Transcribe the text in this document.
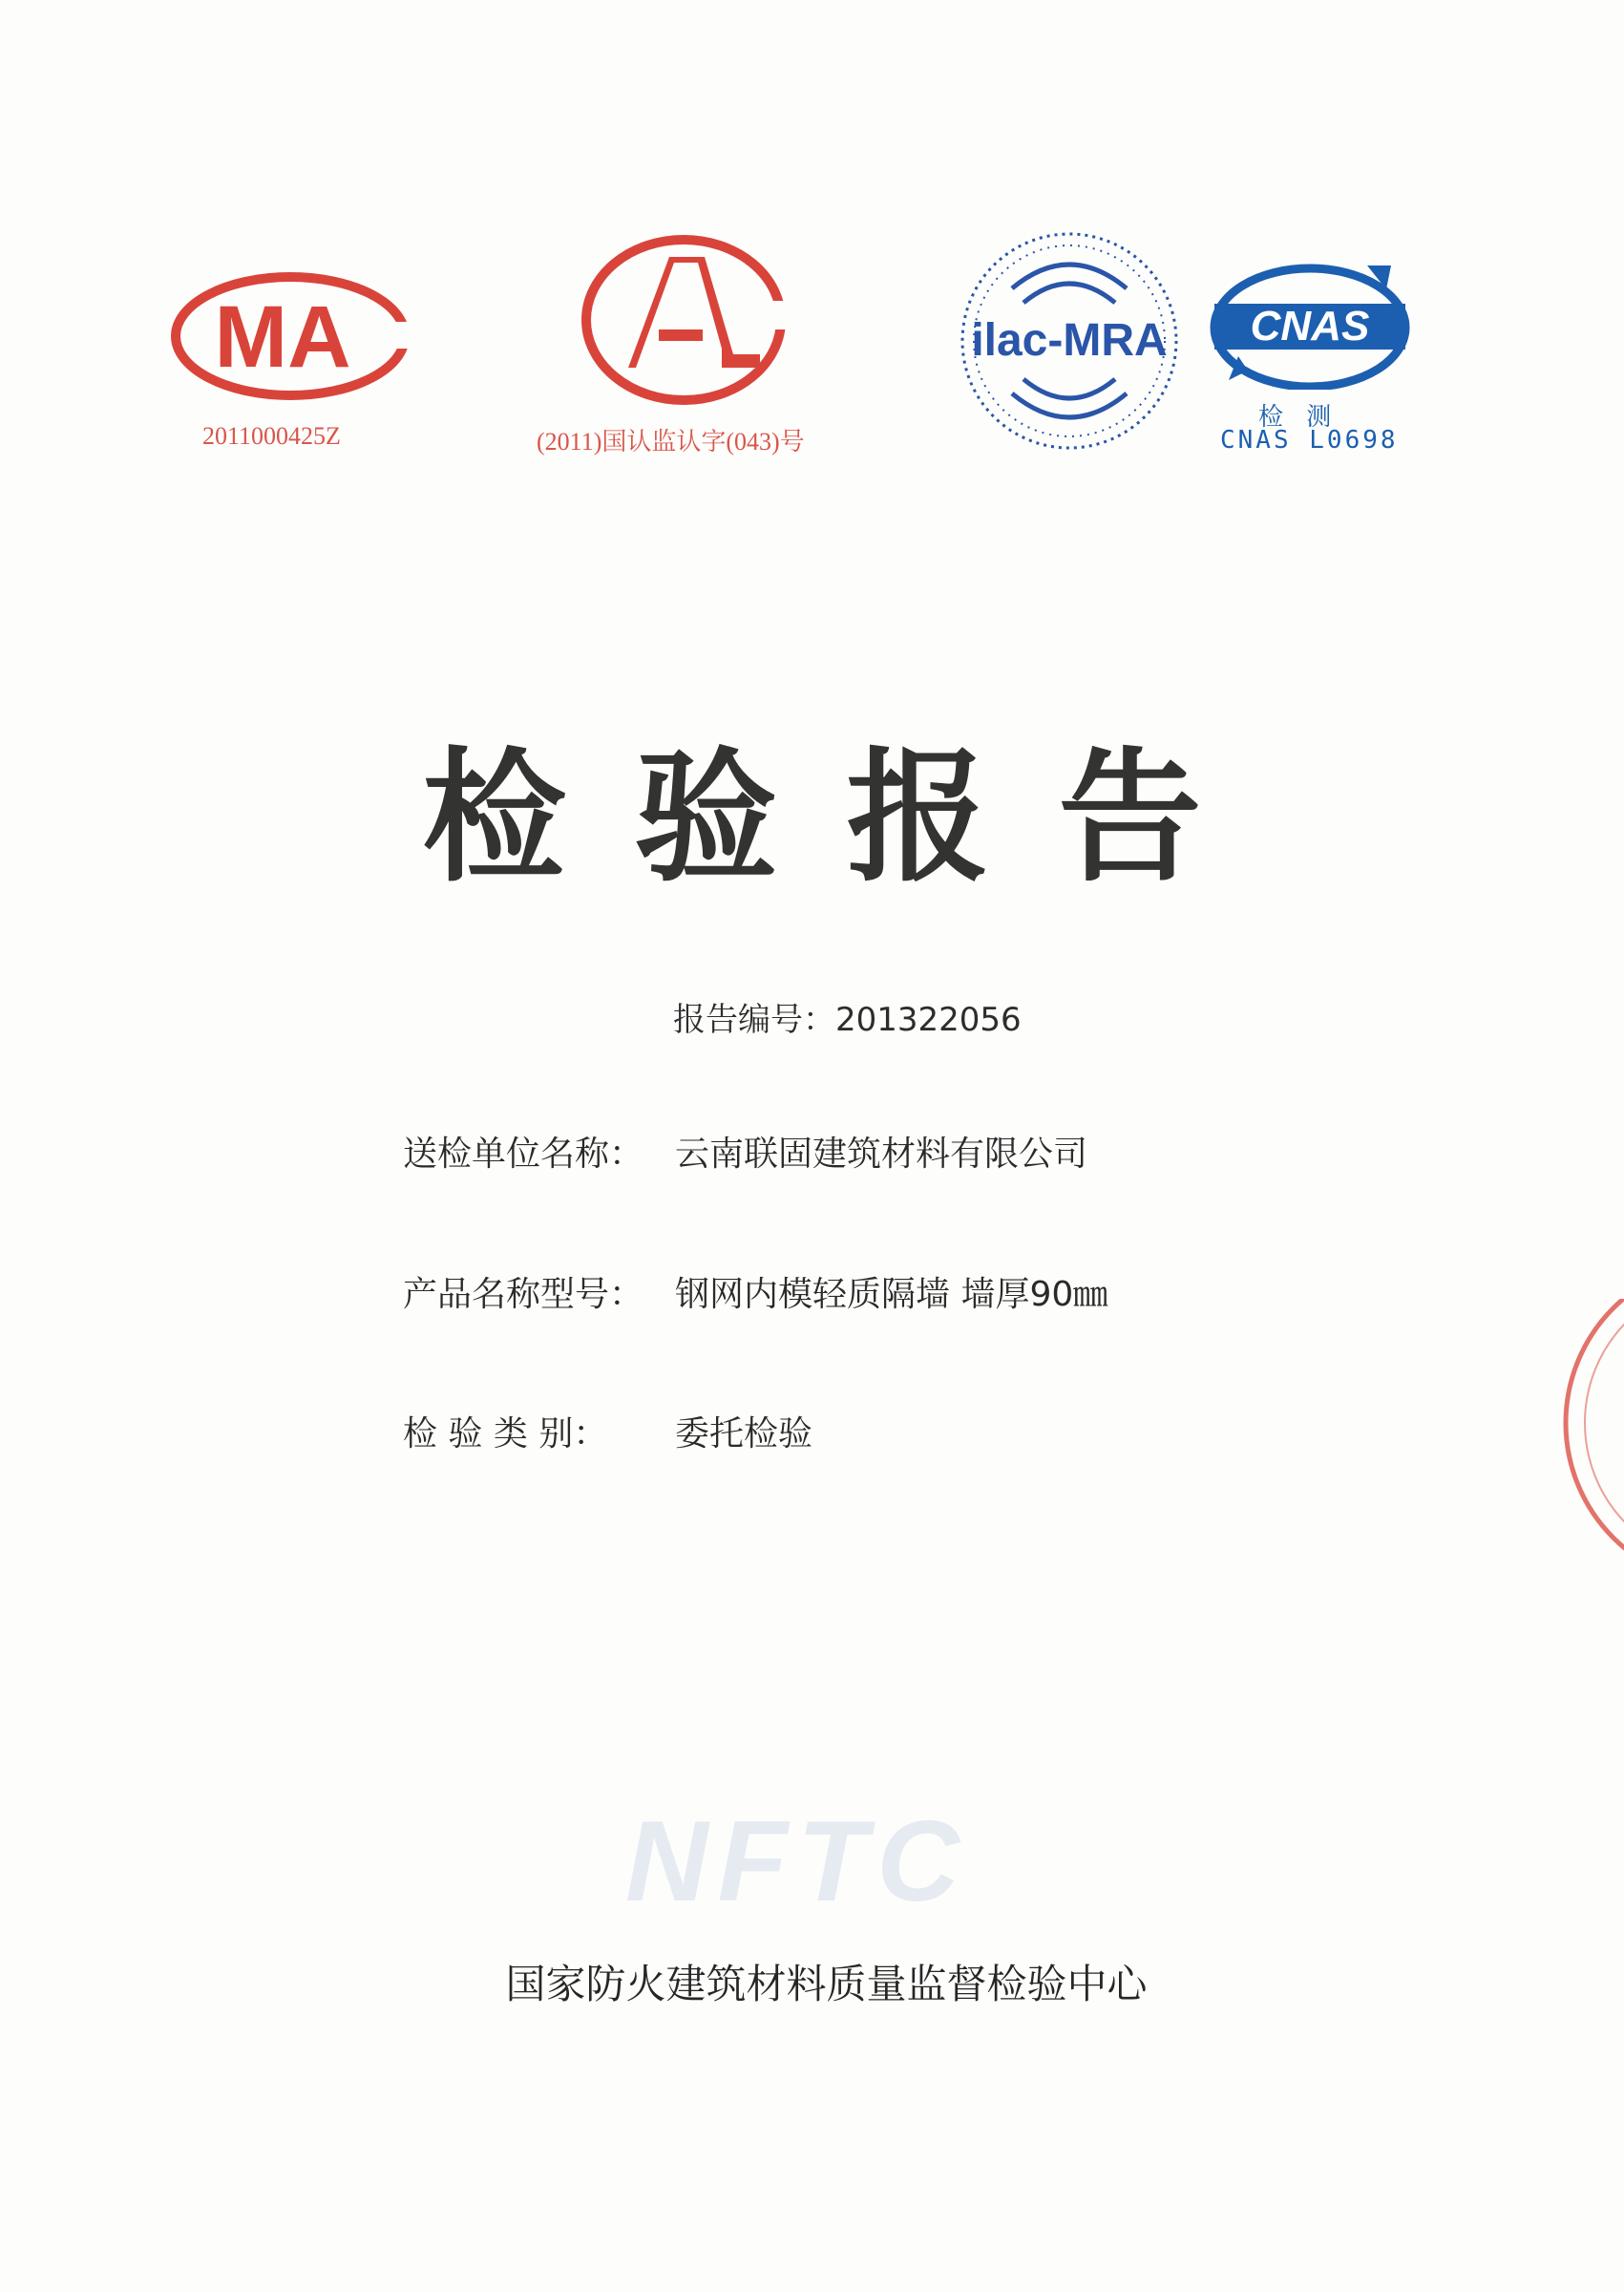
MA
2011000425Z	(2011)国认监认字(043)号
ilac-MRA CNAS
检 测
CNAS L0698
检验报告
报告编号：201322056
送检单位名称： 云南联固建筑材料有限公司
产品名称型号： 钢网内模轻质隔墙 墙厚90㎜
检 验 类 别： 委托检验
NFTC
国家防火建筑材料质量监督检验中心
